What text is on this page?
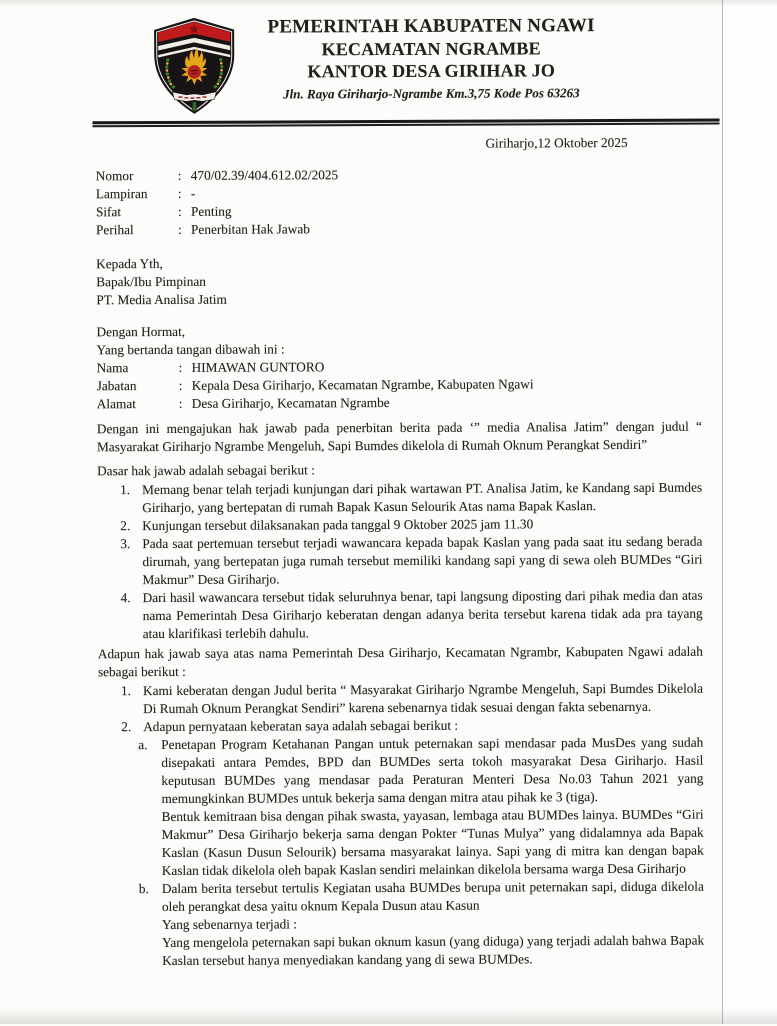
PEMERINTAH KABUPATEN NGAWI
KECAMATAN NGRAMBE
KANTOR DESA GIRIHAR JO
Jln. Raya Giriharjo-Ngrambe Km.3,75 Kode Pos 63263
Giriharjo,12 Oktober 2025
Nomor	: 470/02.39/404.612.02/2025
Lampiran	: -
Sifat	: Penting
Perihal	: Penerbitan Hak Jawab
Kepada Yth,
Bapak/Ibu Pimpinan
PT. Media Analisa Jatim
Dengan Hormat,
Yang bertanda tangan dibawah ini :
Nama	: HIMAWAN GUNTORO
Jabatan	: Kepala Desa Giriharjo, Kecamatan Ngrambe, Kabupaten Ngawi
Alamat	: Desa Giriharjo, Kecamatan Ngrambe

Dengan ini mengajukan hak jawab pada penerbitan berita pada ‘” media Analisa Jatim” dengan judul “ Masyarakat Giriharjo Ngrambe Mengeluh, Sapi Bumdes dikelola di Rumah Oknum Perangkat Sendiri”

Dasar hak jawab adalah sebagai berikut :
1. Memang benar telah terjadi kunjungan dari pihak wartawan PT. Analisa Jatim, ke Kandang sapi Bumdes Giriharjo, yang bertepatan di rumah Bapak Kasun Selourik Atas nama Bapak Kaslan.
2. Kunjungan tersebut dilaksanakan pada tanggal 9 Oktober 2025 jam 11.30
3. Pada saat pertemuan tersebut terjadi wawancara kepada bapak Kaslan yang pada saat itu sedang berada dirumah, yang bertepatan juga rumah tersebut memiliki kandang sapi yang di sewa oleh BUMDes “Giri Makmur” Desa Giriharjo.
4. Dari hasil wawancara tersebut tidak seluruhnya benar, tapi langsung diposting dari pihak media dan atas nama Pemerintah Desa Giriharjo keberatan dengan adanya berita tersebut karena tidak ada pra tayang atau klarifikasi terlebih dahulu.

Adapun hak jawab saya atas nama Pemerintah Desa Giriharjo, Kecamatan Ngrambr, Kabupaten Ngawi adalah sebagai berikut :

1. Kami keberatan dengan Judul berita “ Masyarakat Giriharjo Ngrambe Mengeluh, Sapi Bumdes Dikelola Di Rumah Oknum Perangkat Sendiri” karena sebenarnya tidak sesuai dengan fakta sebenarnya.
2. Adapun pernyataan keberatan saya adalah sebagai berikut :
a. Penetapan Program Ketahanan Pangan untuk peternakan sapi mendasar pada MusDes yang sudah disepakati antara Pemdes, BPD dan BUMDes serta tokoh masyarakat Desa Giriharjo. Hasil keputusan BUMDes yang mendasar pada Peraturan Menteri Desa No.03 Tahun 2021 yang memungkinkan BUMDes untuk bekerja sama dengan mitra atau pihak ke 3 (tiga).
Bentuk kemitraan bisa dengan pihak swasta, yayasan, lembaga atau BUMDes lainya. BUMDes “Giri Makmur” Desa Giriharjo bekerja sama dengan Pokter “Tunas Mulya” yang didalamnya ada Bapak Kaslan (Kasun Dusun Selourik) bersama masyarakat lainya. Sapi yang di mitra kan dengan bapak Kaslan tidak dikelola oleh bapak Kaslan sendiri melainkan dikelola bersama warga Desa Giriharjo
b. Dalam berita tersebut tertulis Kegiatan usaha BUMDes berupa unit peternakan sapi, diduga dikelola oleh perangkat desa yaitu oknum Kepala Dusun atau Kasun
Yang sebenarnya terjadi :
Yang mengelola peternakan sapi bukan oknum kasun (yang diduga) yang terjadi adalah bahwa Bapak Kaslan tersebut hanya menyediakan kandang yang di sewa BUMDes.
